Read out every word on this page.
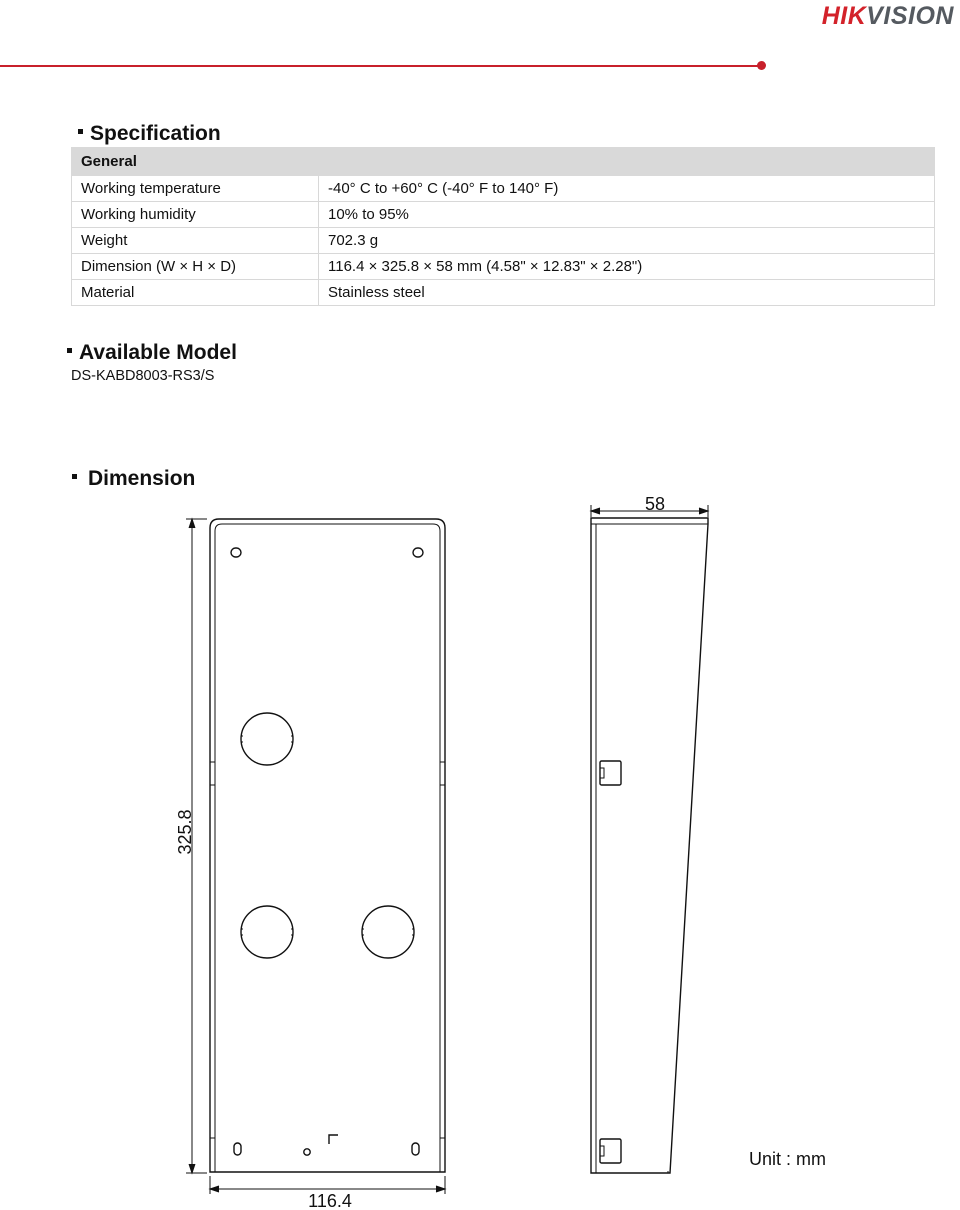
HIKVISION
Specification
General	
Working temperature	-40° C to +60° C (-40° F to 140° F)
Working humidity	10% to 95%
Weight	702.3 g
Dimension (W × H × D)	116.4 × 325.8 × 58 mm (4.58" × 12.83" × 2.28")
Material	Stainless steel
Available Model
DS-KABD8003-RS3/S
Dimension
325.8
116.4
58
Unit : mm
